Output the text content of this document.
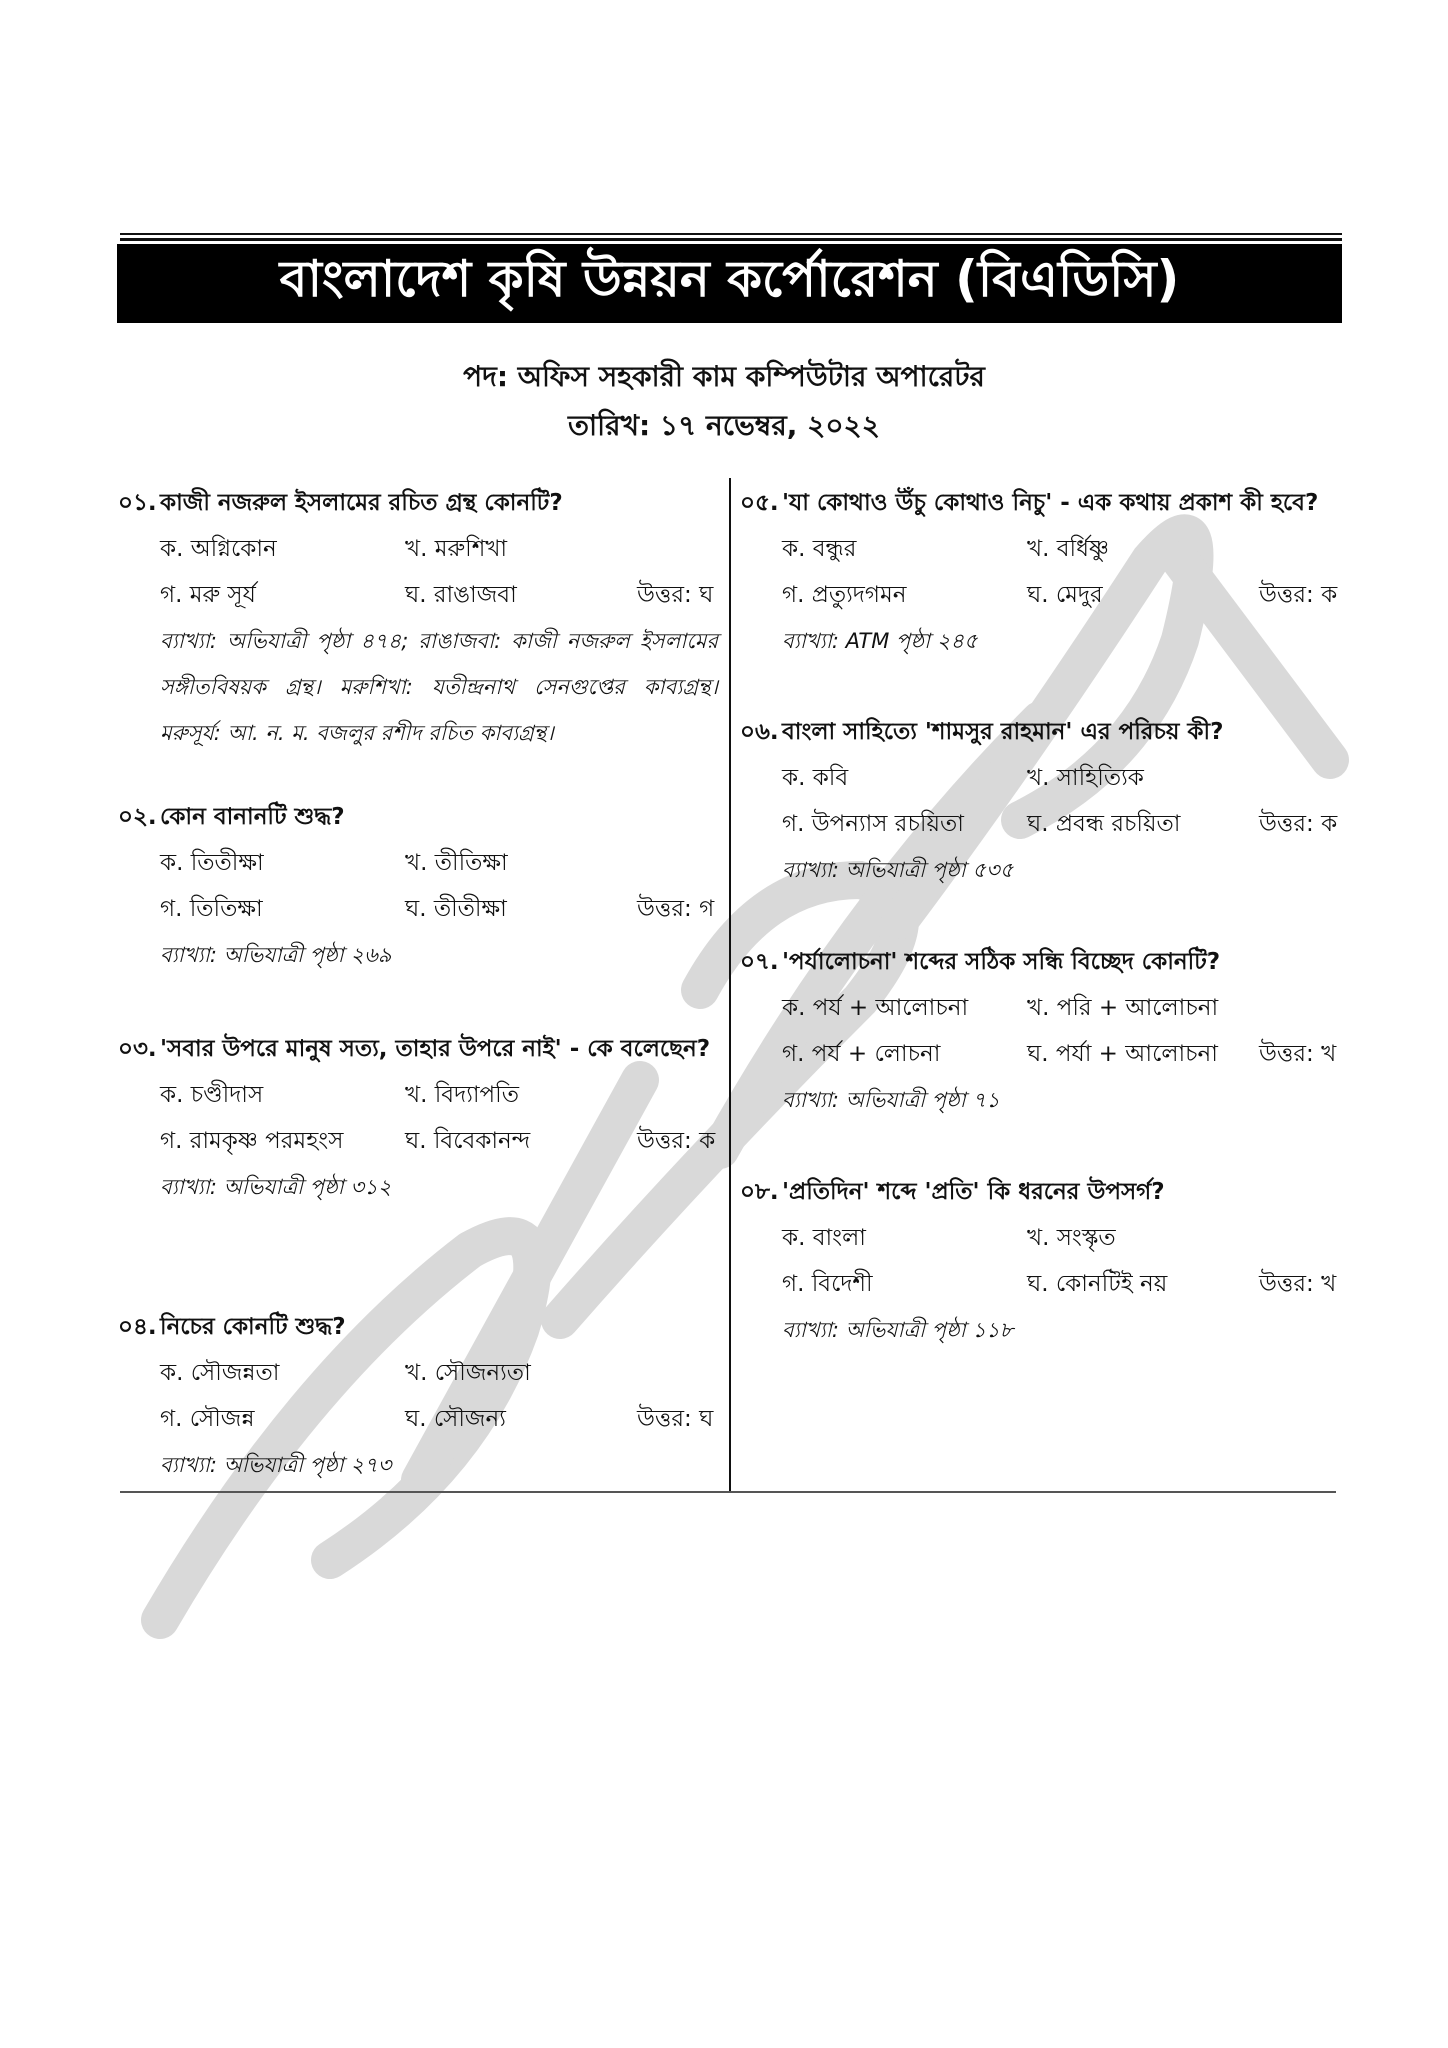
বাংলাদেশ কৃষি উন্নয়ন কর্পোরেশন (বিএডিসি)
পদ: অফিস সহকারী কাম কম্পিউটার অপারেটর
তারিখ: ১৭ নভেম্বর, ২০২২
০১. কাজী নজরুল ইসলামের রচিত গ্রন্থ কোনটি?
ক. অগ্নিকোন	খ. মরুশিখা
গ. মরু সূর্য	ঘ. রাঙাজবা	উত্তর: ঘ
ব্যাখ্যা: অভিযাত্রী পৃষ্ঠা ৪৭৪; রাঙাজবা: কাজী নজরুল ইসলামের সঙ্গীতবিষয়ক গ্রন্থ। মরুশিখা: যতীন্দ্রনাথ সেনগুপ্তের কাব্যগ্রন্থ। মরুসূর্য: আ. ন. ম. বজলুর রশীদ রচিত কাব্যগ্রন্থ।
০২. কোন বানানটি শুদ্ধ?
ক. তিতীক্ষা	খ. তীতিক্ষা
গ. তিতিক্ষা	ঘ. তীতীক্ষা	উত্তর: গ
ব্যাখ্যা: অভিযাত্রী পৃষ্ঠা ২৬৯
০৩. 'সবার উপরে মানুষ সত্য, তাহার উপরে নাই' - কে বলেছেন?
ক. চণ্ডীদাস	খ. বিদ্যাপতি
গ. রামকৃষ্ণ পরমহংস	ঘ. বিবেকানন্দ	উত্তর: ক
ব্যাখ্যা: অভিযাত্রী পৃষ্ঠা ৩১২
০৪. নিচের কোনটি শুদ্ধ?
ক. সৌজন্নতা	খ. সৌজন্যতা
গ. সৌজন্ন	ঘ. সৌজন্য	উত্তর: ঘ
ব্যাখ্যা: অভিযাত্রী পৃষ্ঠা ২৭৩
০৫. 'যা কোথাও উঁচু কোথাও নিচু' - এক কথায় প্রকাশ কী হবে?
ক. বন্ধুর	খ. বর্ধিষ্ণু
গ. প্রত্যুদগমন	ঘ. মেদুর	উত্তর: ক
ব্যাখ্যা: ATM পৃষ্ঠা ২৪৫
০৬. বাংলা সাহিত্যে 'শামসুর রাহমান' এর পরিচয় কী?
ক. কবি	খ. সাহিত্যিক
গ. উপন্যাস রচয়িতা	ঘ. প্রবন্ধ রচয়িতা	উত্তর: ক
ব্যাখ্যা: অভিযাত্রী পৃষ্ঠা ৫৩৫
০৭. 'পর্যালোচনা' শব্দের সঠিক সন্ধি বিচ্ছেদ কোনটি?
ক. পর্য + আলোচনা	খ. পরি + আলোচনা
গ. পর্য + লোচনা	ঘ. পর্যা + আলোচনা উত্তর: খ
ব্যাখ্যা: অভিযাত্রী পৃষ্ঠা ৭১
০৮. 'প্রতিদিন' শব্দে 'প্রতি' কি ধরনের উপসর্গ?
ক. বাংলা	খ. সংস্কৃত
গ. বিদেশী	ঘ. কোনটিই নয়	উত্তর: খ
ব্যাখ্যা: অভিযাত্রী পৃষ্ঠা ১১৮
